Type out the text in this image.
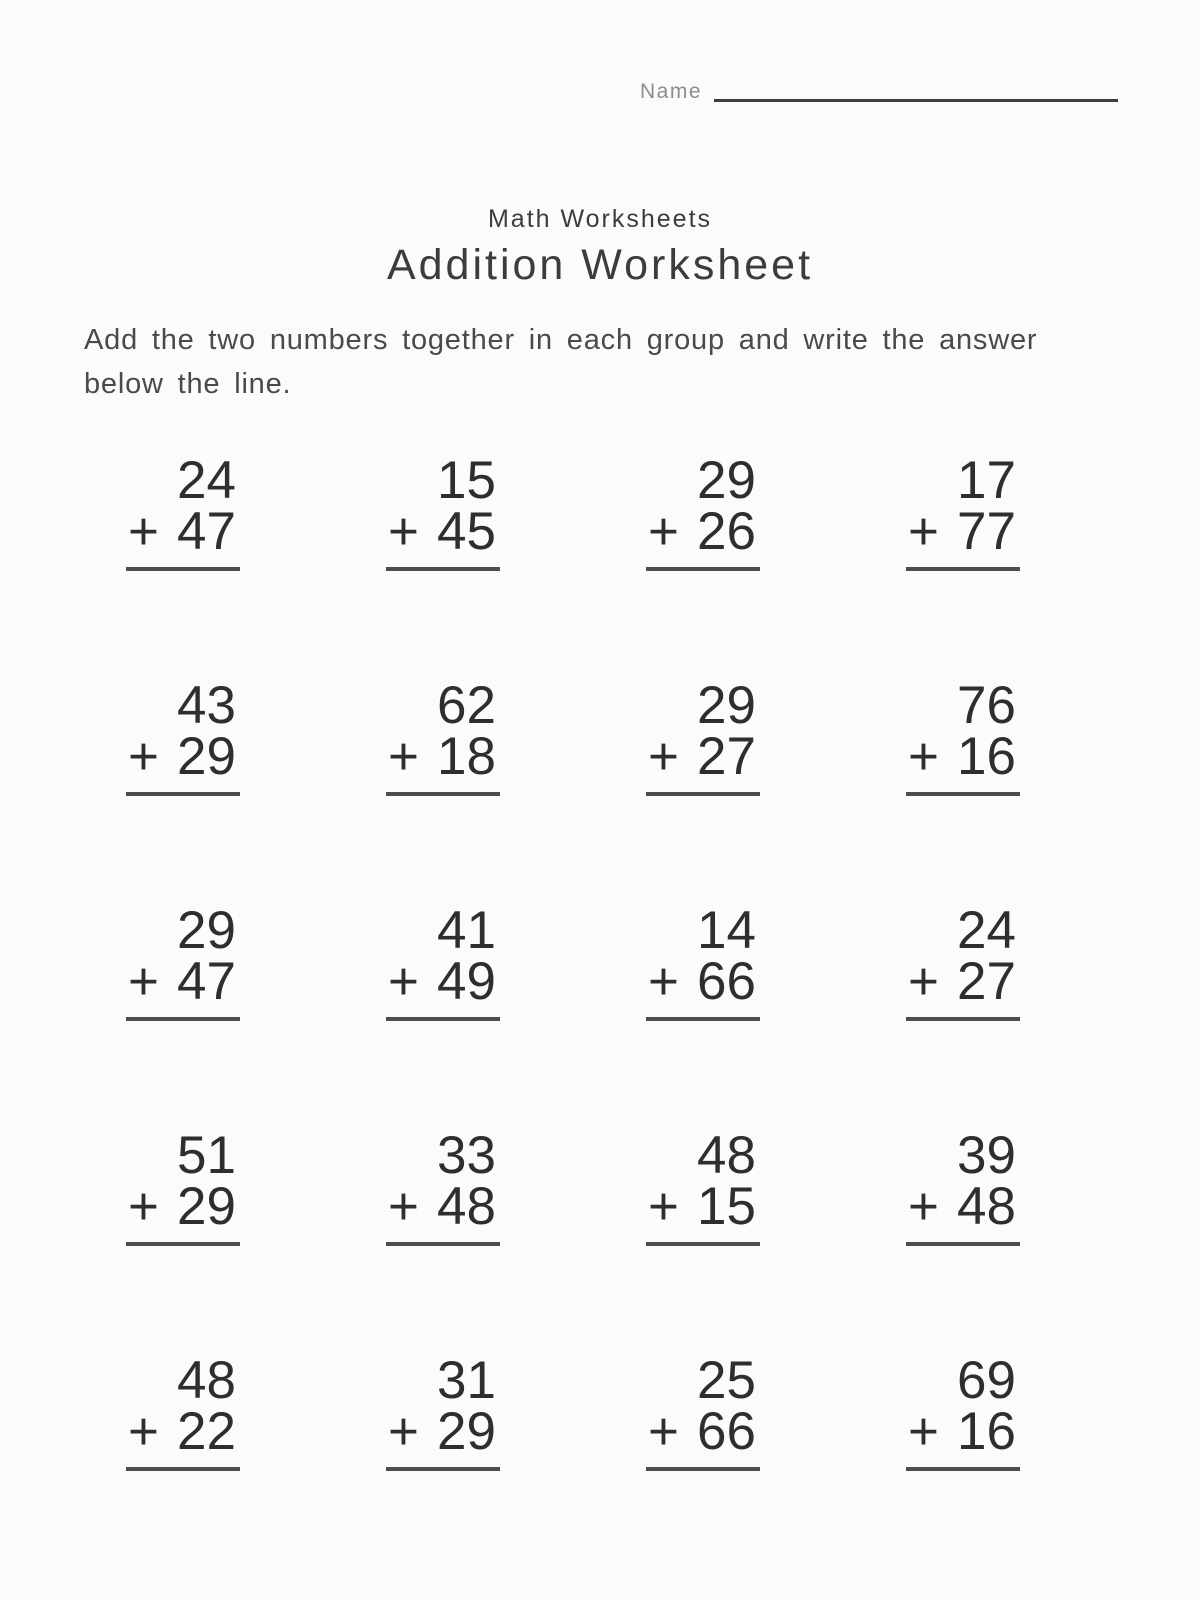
Name
Math Worksheets
Addition Worksheet
Add the two numbers together in each group and write the answer
below the line.
24
+ 47
15
+ 45
29
+ 26
17
+ 77
43
+ 29
62
+ 18
29
+ 27
76
+ 16
29
+ 47
41
+ 49
14
+ 66
24
+ 27
51
+ 29
33
+ 48
48
+ 15
39
+ 48
48
+ 22
31
+ 29
25
+ 66
69
+ 16
